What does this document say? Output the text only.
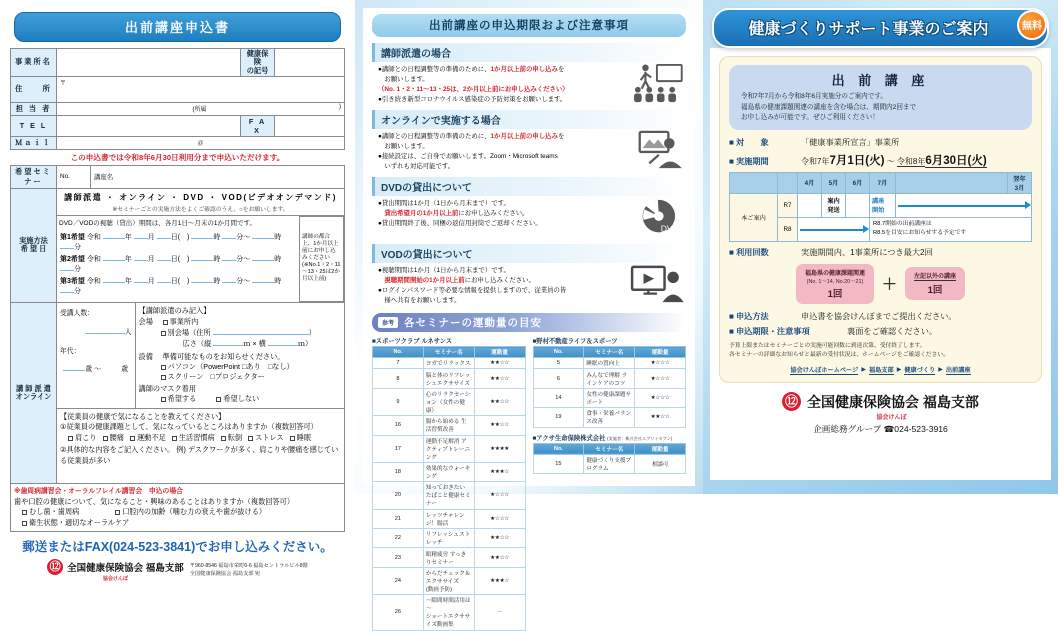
出前講座申込書
事業所名		健康保険
の記号	
住　　所	〒		
担 当 者	(所属 )		

T E L		F A X	
Ｍａｉｌ	＠		
この申込書では令和8年6月30日利用分まで申込いただけます。
希望セミナー	No.	講座名
実施方法
希 望 日	
講師派遣 ・ オンライン ・ DVD ・ VOD(ビデオオンデマンド)
※セミナーごとの実施方法をよくご確認のうえ、○をお願いします。

DVD／VODの視聴（貸出）期間は、各月1日～月末の1か月間です。
第1希望 令和	年 月 日(　)	時 分～	時 分
第2希望 令和	年 月 日(　)	時 分～	時 分
第3希望 令和	年 月 日(　)	時 分～	時 分

講師の都合上、1か月以上前にお申し込みください
(※No.1・2・11～13・25は2か月以上前)

講 師 派 遣
オンライン	
受講人数：
人
年代：
歳 ～　　　歳

【講師派遣のみ記入】
会場 事業所内
別会場（住所	）
広さ（縦	ｍ × 横	ｍ）
設備 準備可能なものをお知らせください。
パソコン（PowerPoint □あり　□なし）
スクリーン　□プロジェクター
講師のマスク着用
希望する	希望しない

【従業員の健康で気になることを教えてください】
①従業員の健康課題として、気になっているところはありますか（複数回答可）
肩こり 腰痛 運動不足 生活習慣病 転倒 ストレス 睡眠
②具体的な内容をご記入ください。 例) デスクワークが多く、肩こりや腰痛を感じている従業員が多い

※歯周病講習会・オーラルフレイル講習会　申込の場合
歯や口腔の健康について、気になること・興味のあることはありますか（複数回答可）
むし歯・歯周病	口腔内の加齢（噛む力の衰えや歯が抜ける）
衛生状態・適切なオーラルケア
郵送またはFAX(024-523-3841)でお申し込みください。
⑫ 全国健康保険協会 福島支部
協会けんぽ
〒960-8546 福島市栄町6-6 福島セントラルビル8階
全国健康保険協会 福島支部 宛
出前講座の申込期限および注意事項
講師派遣の場合
●講師との日程調整等の準備のために、1か月以上前の申し込みを
　お願いします。
（No. 1・2・11～13・25は、2か月以上前にお申し込みください）
●引き続き新型コロナウイルス感染症の予防対策をお願いします。
オンラインで実施する場合
●講師との日程調整等の準備のために、1か月以上前の申し込みを
　お願いします。
●接続設定は、ご自身でお願いします。Zoom・Microsoft teams
　いずれも対応可能です。
DVDの貸出について
DVD
●貸出期間は1か月（1日から月末まで）です。
　貸出希望月の1か月以上前にお申し込みください。
●貸出期間終了後、同梱の返信用封筒でご返却ください。
VODの貸出について
●視聴期間は1か月（1日から月末まで）です。
　視聴期間開始の1か月以上前にお申し込みください。
●ログインパスワード等必要な情報を提供しますので、従業員の皆
　様へ共有をお願いします。
参考 各セミナーの運動量の目安
■スポーツクラブ ルネサンス
No.	セミナー名	運動量
7	ヨガでリラックス	★★☆☆
8	脳と体のリフレッシュエクササイズ	★★☆☆
9	心のリラクセーション（女性の健康）	★★☆☆
16	腸から始める 生活習慣改善	★★☆☆
17	運動不足解消 アクティブトレーニング	★★★★
18	効果的なウォーキング	★★★☆
20	知っておきたい たばこと健康セミナー	★☆☆☆
21	レッツチャレンジ！腸活	★☆☆☆
22	リフレッシュストレッチ	★★☆☆
23	眼精疲労 すっきりセミナー	★★☆☆
24	からだチェック＆エクササイズ
(動画予防)	★★★☆
26	～隙間時間活用は～
ショートエクササイズ動画集	－
■野村不動産ライフ＆スポーツ
No.	セミナー名	運動量
5	睡眠の質向上	★☆☆☆
6	みんなで理解 ラインケアのコツ	★☆☆☆
14	女性の健康課題サポート	★☆☆☆
19	食事・栄養バランス改善	★★☆☆
■アクサ生命保険株式会社 (実施者：株式会社エブリイセブン)
No.	セミナー名	運動量
15	健康づくり支援プログラム	相談可
健康づくりサポート事業のご案内	無料
出 前 講 座
令和7年7月から令和8年6月実施分のご案内です。
福島県の健康課題関連の講座を含む場合は、期間内2回まで
お申し込みが可能です。ぜひご利用ください！
■ 対　　象	「健康事業所宣言」事業所
■ 実施期間	令和7年7月1日(火) ～ 令和8年6月30日(火)
		4月	5月	6月	7月		翌年
3月
本ご案内	R7		案内
発送		講座
開始		

	R8				R8.7開始の出前講座は
R8.5を目安にお知らせする予定です		
■ 利用回数	実施期間内、1事業所につき最大2回
福島県の健康課題関連
(No. 1～14, No.20～21)
1回
＋	左記以外の講座
1回
■ 申込方法	申込書を協会けんぽまでご提出ください。
■ 申込期限・注意事項	裏面をご確認ください。
予算上限またはセミナーごとの実施可能回数に到達次第、受付終了します。
各セミナーの詳細なお知らせと最新の受付状況は、ホームページをご確認ください。
協会けんぽホームページ ▶ 福島支部 ▶ 健康づくり ▶ 出前講座
⑫ 全国健康保険協会 福島支部
協会けんぽ
企画総務グループ ☎024-523-3916
